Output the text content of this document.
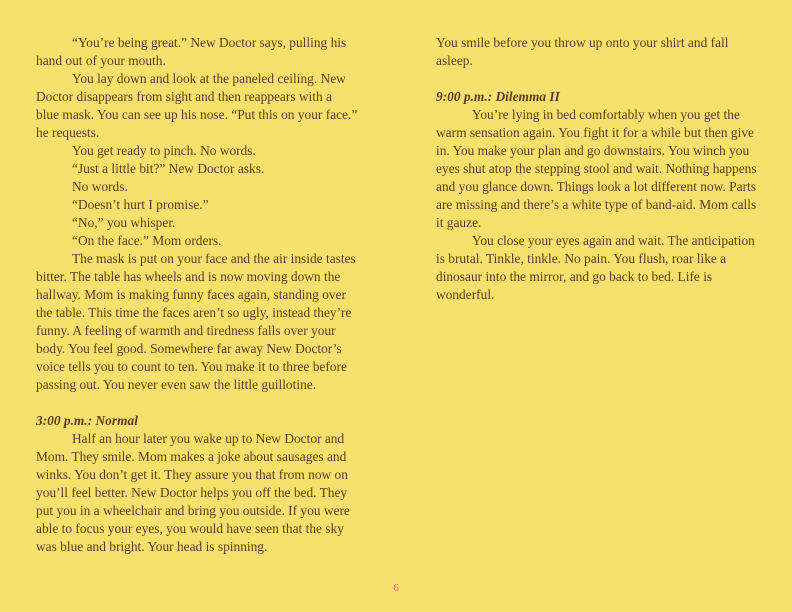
“You’re being great.” New Doctor says, pulling his hand out of your mouth.

You lay down and look at the paneled ceiling. New Doctor disappears from sight and then reappears with a blue mask. You can see up his nose. “Put this on your face.” he requests.

You get ready to pinch. No words.

“Just a little bit?” New Doctor asks.

No words.

“Doesn’t hurt I promise.”

“No,” you whisper.

“On the face.” Mom orders.

The mask is put on your face and the air inside tastes bitter. The table has wheels and is now moving down the hallway. Mom is making funny faces again, standing over the table. This time the faces aren’t so ugly, instead they’re funny. A feeling of warmth and tiredness falls over your body. You feel good. Somewhere far away New Doctor’s voice tells you to count to ten. You make it to three before passing out. You never even saw the little guillotine.

3:00 p.m.: Normal

Half an hour later you wake up to New Doctor and Mom. They smile. Mom makes a joke about sausages and winks. You don’t get it. They assure you that from now on you’ll feel better. New Doctor helps you off the bed. They put you in a wheelchair and bring you outside. If you were able to focus your eyes, you would have seen that the sky was blue and bright. Your head is spinning.

You smile before you throw up onto your shirt and fall asleep.

9:00 p.m.: Dilemma II

You’re lying in bed comfortably when you get the warm sensation again. You fight it for a while but then give in. You make your plan and go downstairs. You winch you eyes shut atop the stepping stool and wait. Nothing happens and you glance down. Things look a lot different now. Parts are missing and there’s a white type of band-aid. Mom calls it gauze.

You close your eyes again and wait. The anticipation is brutal. Tinkle, tinkle. No pain. You flush, roar like a dinosaur into the mirror, and go back to bed. Life is wonderful.

6
